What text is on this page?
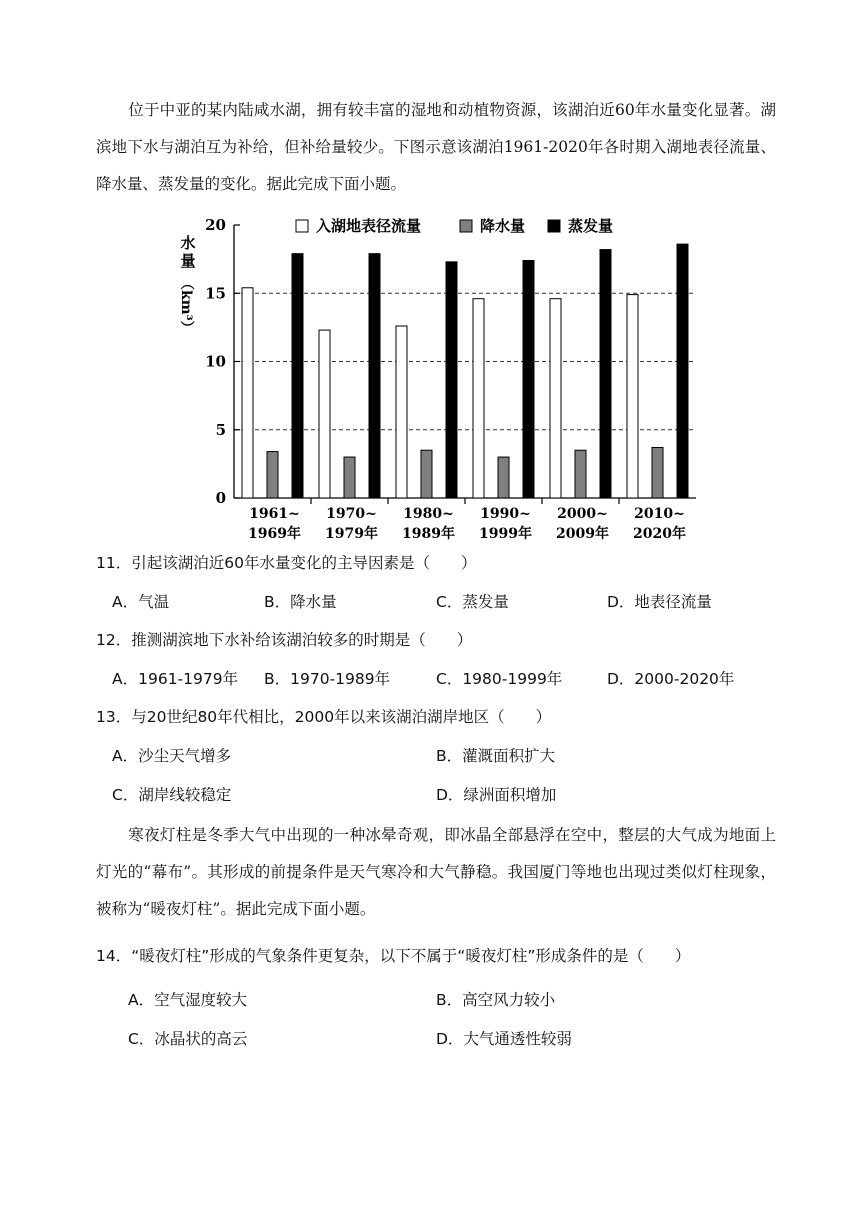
位于中亚的某内陆咸水湖，拥有较丰富的湿地和动植物资源，该湖泊近60年水量变化显著。湖滨地下水与湖泊互为补给，但补给量较少。下图示意该湖泊1961-2020年各时期入湖地表径流量、降水量、蒸发量的变化。据此完成下面小题。
0
5
10
15
20
1961~
1969年
1970~
1979年
1980~
1989年
1990~
1999年
2000~
2009年
2010~
2020年
入湖地表径流量	降水量	蒸发量
水
量
（km³）
11．引起该湖泊近60年水量变化的主导因素是（　　）
A．气温	B．降水量	C．蒸发量	D．地表径流量
12．推测湖滨地下水补给该湖泊较多的时期是（　　）
A．1961-1979年 B．1970-1989年	C．1980-1999年	D．2000-2020年
13．与20世纪80年代相比，2000年以来该湖泊湖岸地区（　　）
A．沙尘天气增多	B．灌溉面积扩大
C．湖岸线较稳定	D．绿洲面积增加
寒夜灯柱是冬季大气中出现的一种冰晕奇观，即冰晶全部悬浮在空中，整层的大气成为地面上灯光的“幕布”。其形成的前提条件是天气寒冷和大气静稳。我国厦门等地也出现过类似灯柱现象，被称为“暖夜灯柱”。据此完成下面小题。
14．“暖夜灯柱”形成的气象条件更复杂，以下不属于“暖夜灯柱”形成条件的是（　　）
A．空气湿度较大	B．高空风力较小
C．冰晶状的高云	D．大气通透性较弱
